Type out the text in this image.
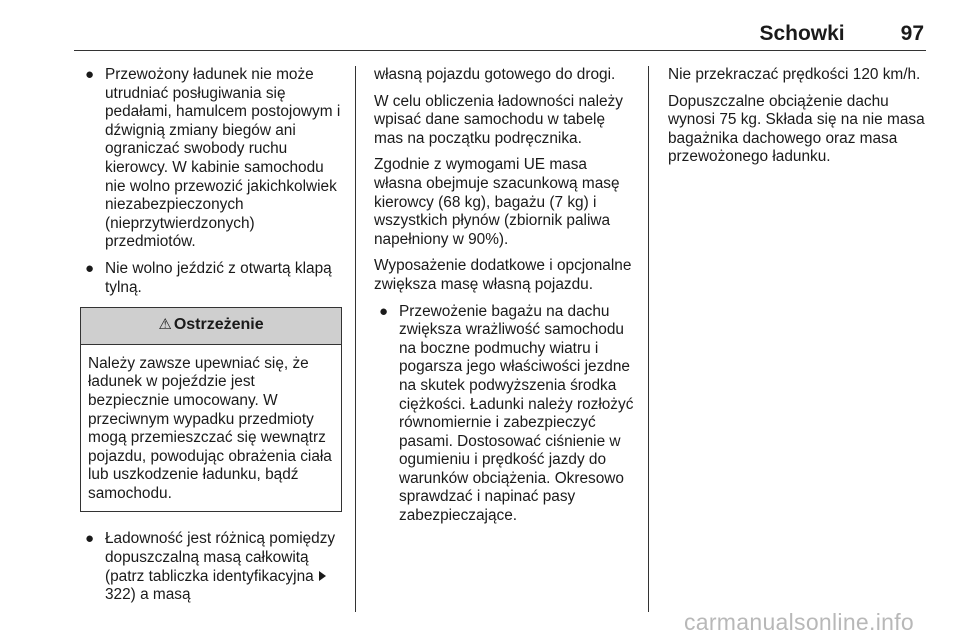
Schowki	97
● Przewożony ładunek nie może utrudniać posługiwania się pedałami, hamulcem postojowym i dźwignią zmiany biegów ani ograniczać swobody ruchu kierowcy. W kabinie samochodu nie wolno przewozić jakichkolwiek niezabezpieczonych (nieprzytwierdzonych) przedmiotów.
● Nie wolno jeździć z otwartą klapą tylną.
⚠ Ostrzeżenie
Należy zawsze upewniać się, że ładunek w pojeździe jest bezpiecznie umocowany. W przeciwnym wypadku przedmioty mogą przemieszczać się wewnątrz pojazdu, powodując obrażenia ciała lub uszkodzenie ładunku, bądź samochodu.
● Ładowność jest różnicą pomiędzy dopuszczalną masą całkowitą (patrz tabliczka identyfikacyjna 322) a masą

własną pojazdu gotowego do drogi.

W celu obliczenia ładowności należy wpisać dane samochodu w tabelę mas na początku podręcznika.

Zgodnie z wymogami UE masa własna obejmuje szacunkową masę kierowcy (68 kg), bagażu (7 kg) i wszystkich płynów (zbiornik paliwa napełniony w 90%).

Wyposażenie dodatkowe i opcjonalne zwiększa masę własną pojazdu.

● Przewożenie bagażu na dachu zwiększa wrażliwość samochodu na boczne podmuchy wiatru i pogarsza jego właściwości jezdne na skutek podwyższenia środka ciężkości. Ładunki należy rozłożyć równomiernie i zabezpieczyć pasami. Dostosować ciśnienie w ogumieniu i prędkość jazdy do warunków obciążenia. Okresowo sprawdzać i napinać pasy zabezpieczające.

Nie przekraczać prędkości 120 km/h.

Dopuszczalne obciążenie dachu wynosi 75 kg. Składa się na nie masa bagażnika dachowego oraz masa przewożonego ładunku.

carmanualsonline.info
